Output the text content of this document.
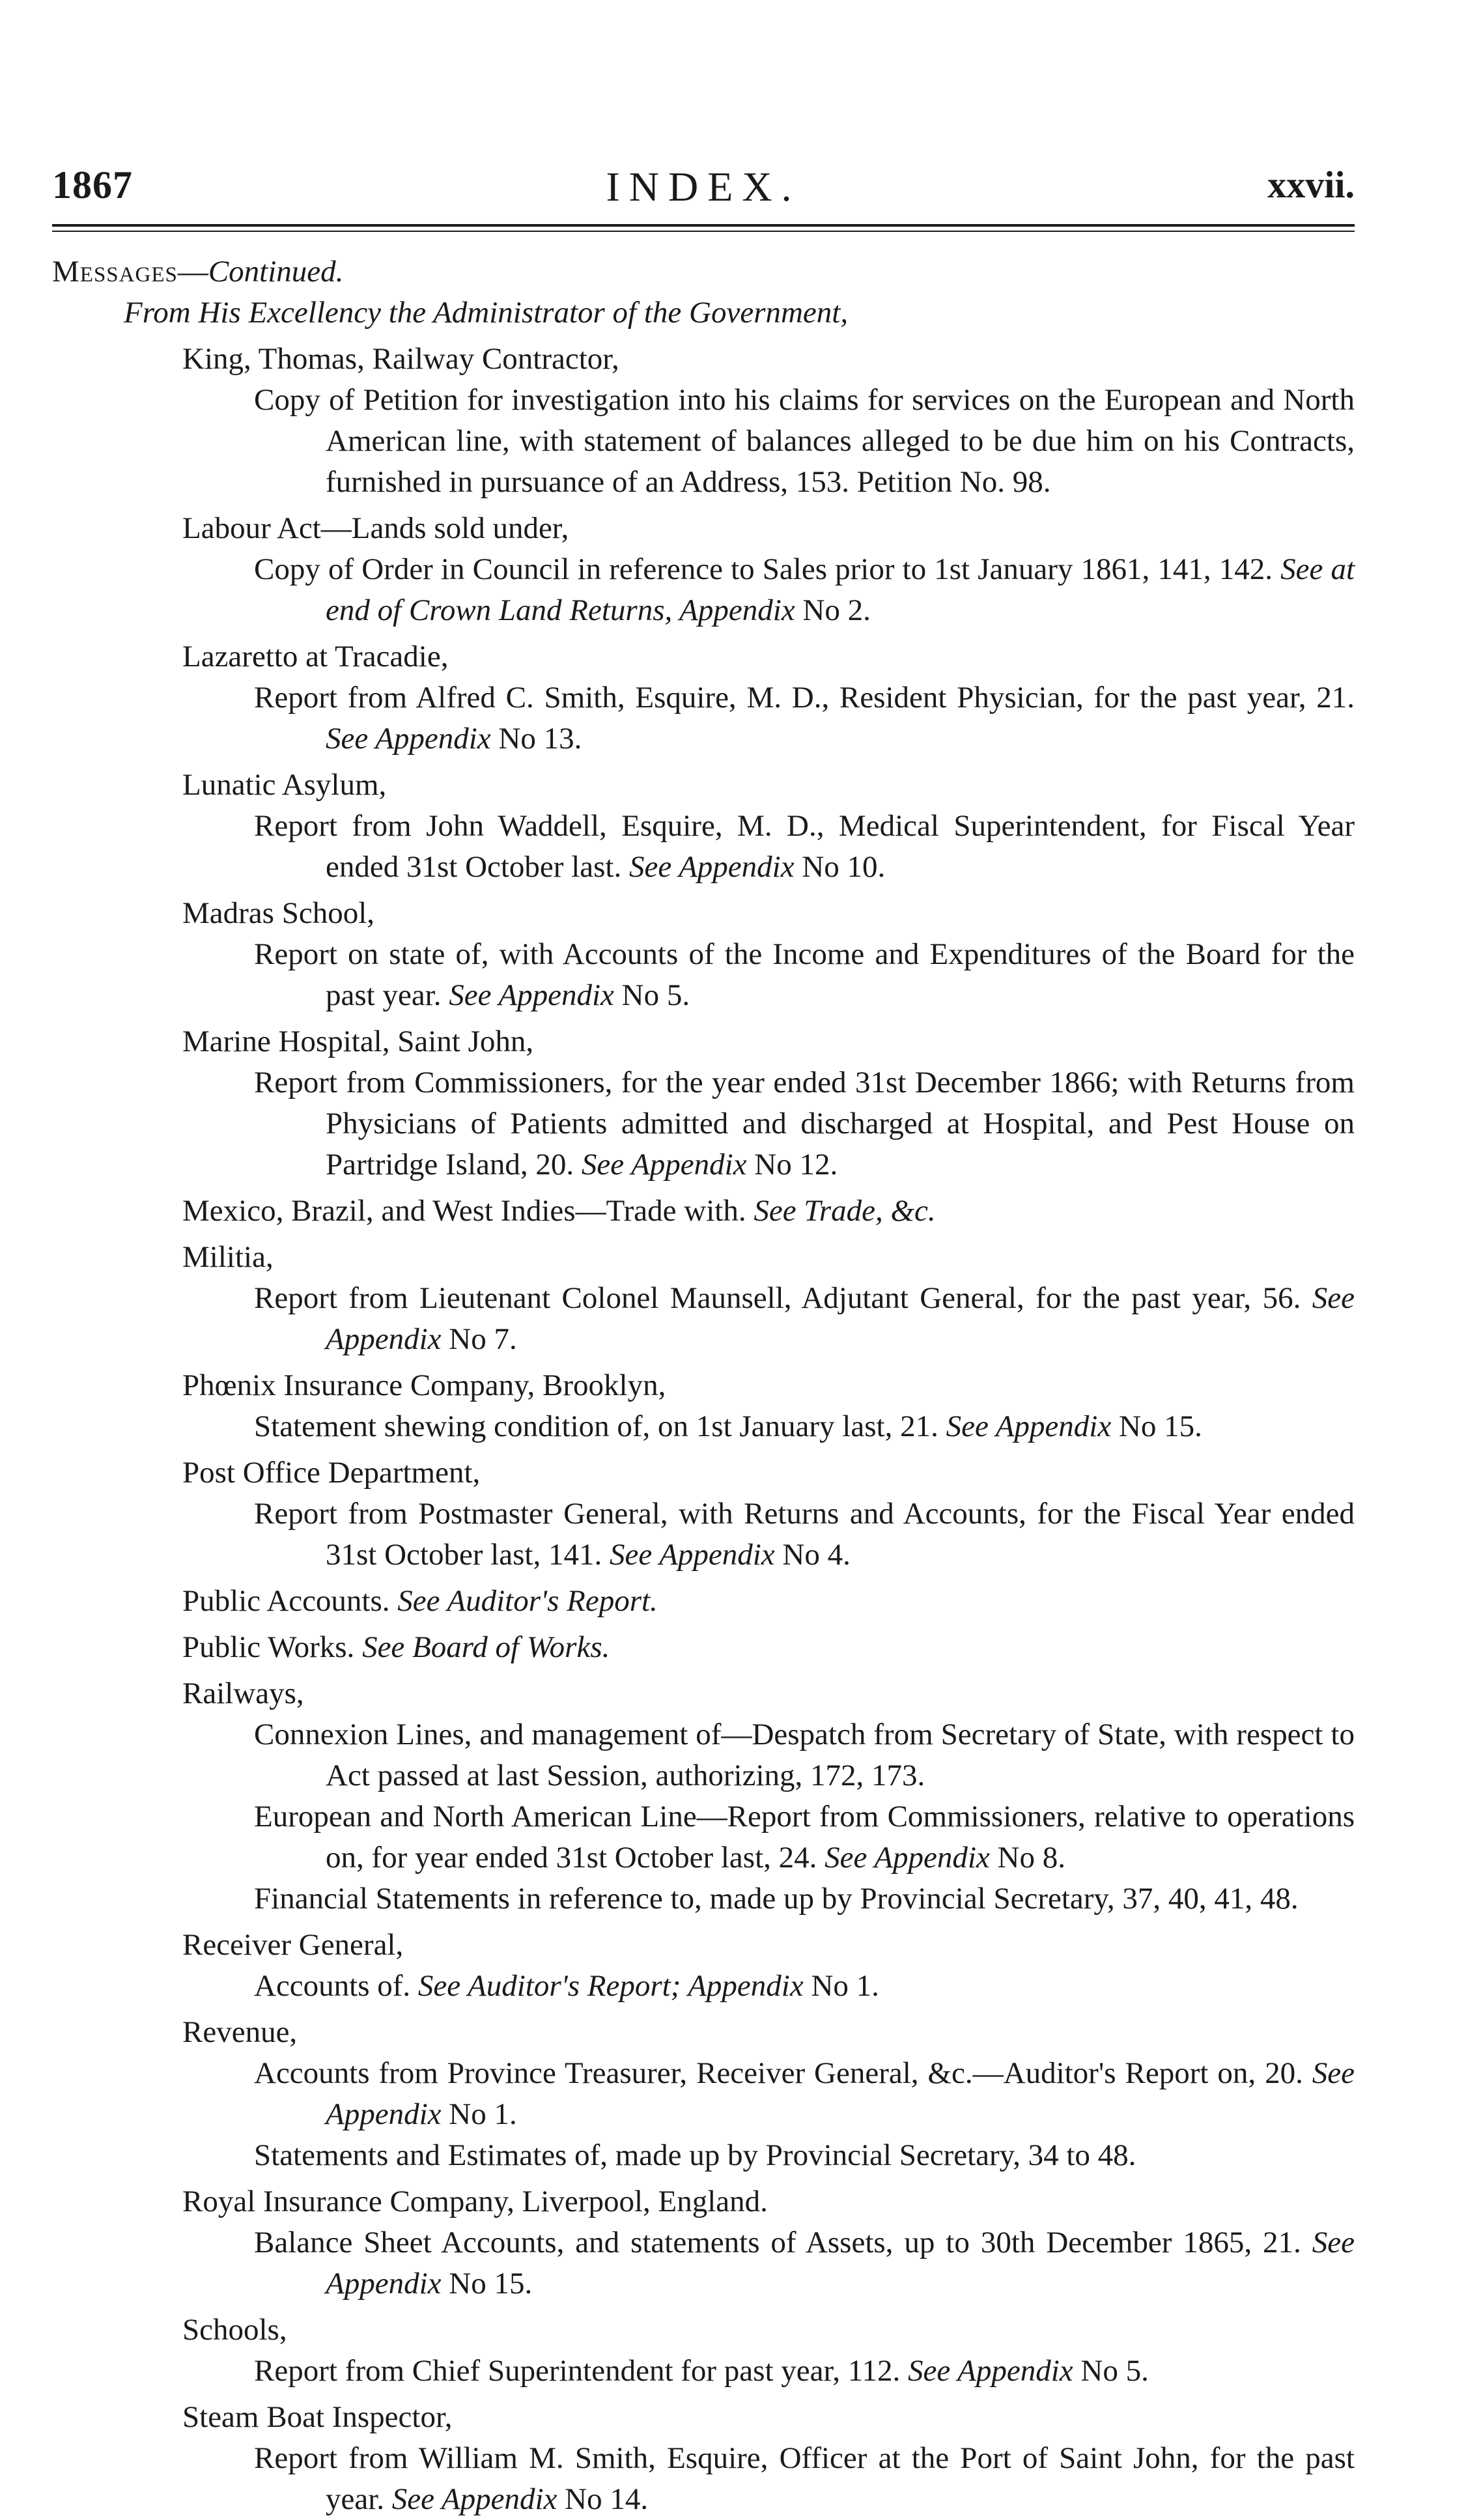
1867	INDEX.	xxvii.
Messages—Continued.
From His Excellency the Administrator of the Government,
King, Thomas, Railway Contractor,
Copy of Petition for investigation into his claims for services on the European and North American line, with statement of balances alleged to be due him on his Contracts, furnished in pursuance of an Address, 153. Petition No. 98.
Labour Act—Lands sold under,
Copy of Order in Council in reference to Sales prior to 1st January 1861, 141, 142. See at end of Crown Land Returns, Appendix No 2.
Lazaretto at Tracadie,
Report from Alfred C. Smith, Esquire, M. D., Resident Physician, for the past year, 21. See Appendix No 13.
Lunatic Asylum,
Report from John Waddell, Esquire, M. D., Medical Superintendent, for Fiscal Year ended 31st October last. See Appendix No 10.
Madras School,
Report on state of, with Accounts of the Income and Expenditures of the Board for the past year. See Appendix No 5.
Marine Hospital, Saint John,
Report from Commissioners, for the year ended 31st December 1866; with Returns from Physicians of Patients admitted and discharged at Hospital, and Pest House on Partridge Island, 20. See Appendix No 12.
Mexico, Brazil, and West Indies—Trade with. See Trade, &c.
Militia,
Report from Lieutenant Colonel Maunsell, Adjutant General, for the past year, 56. See Appendix No 7.
Phœnix Insurance Company, Brooklyn,
Statement shewing condition of, on 1st January last, 21. See Appendix No 15.
Post Office Department,
Report from Postmaster General, with Returns and Accounts, for the Fiscal Year ended 31st October last, 141. See Appendix No 4.
Public Accounts. See Auditor's Report.
Public Works. See Board of Works.
Railways,
Connexion Lines, and management of—Despatch from Secretary of State, with respect to Act passed at last Session, authorizing, 172, 173.
European and North American Line—Report from Commissioners, relative to operations on, for year ended 31st October last, 24. See Appendix No 8.
Financial Statements in reference to, made up by Provincial Secretary, 37, 40, 41, 48.
Receiver General,
Accounts of. See Auditor's Report; Appendix No 1.
Revenue,
Accounts from Province Treasurer, Receiver General, &c.—Auditor's Report on, 20. See Appendix No 1.
Statements and Estimates of, made up by Provincial Secretary, 34 to 48.
Royal Insurance Company, Liverpool, England.
Balance Sheet Accounts, and statements of Assets, up to 30th December 1865, 21. See Appendix No 15.
Schools,
Report from Chief Superintendent for past year, 112. See Appendix No 5.
Steam Boat Inspector,
Report from William M. Smith, Esquire, Officer at the Port of Saint John, for the past year. See Appendix No 14.
